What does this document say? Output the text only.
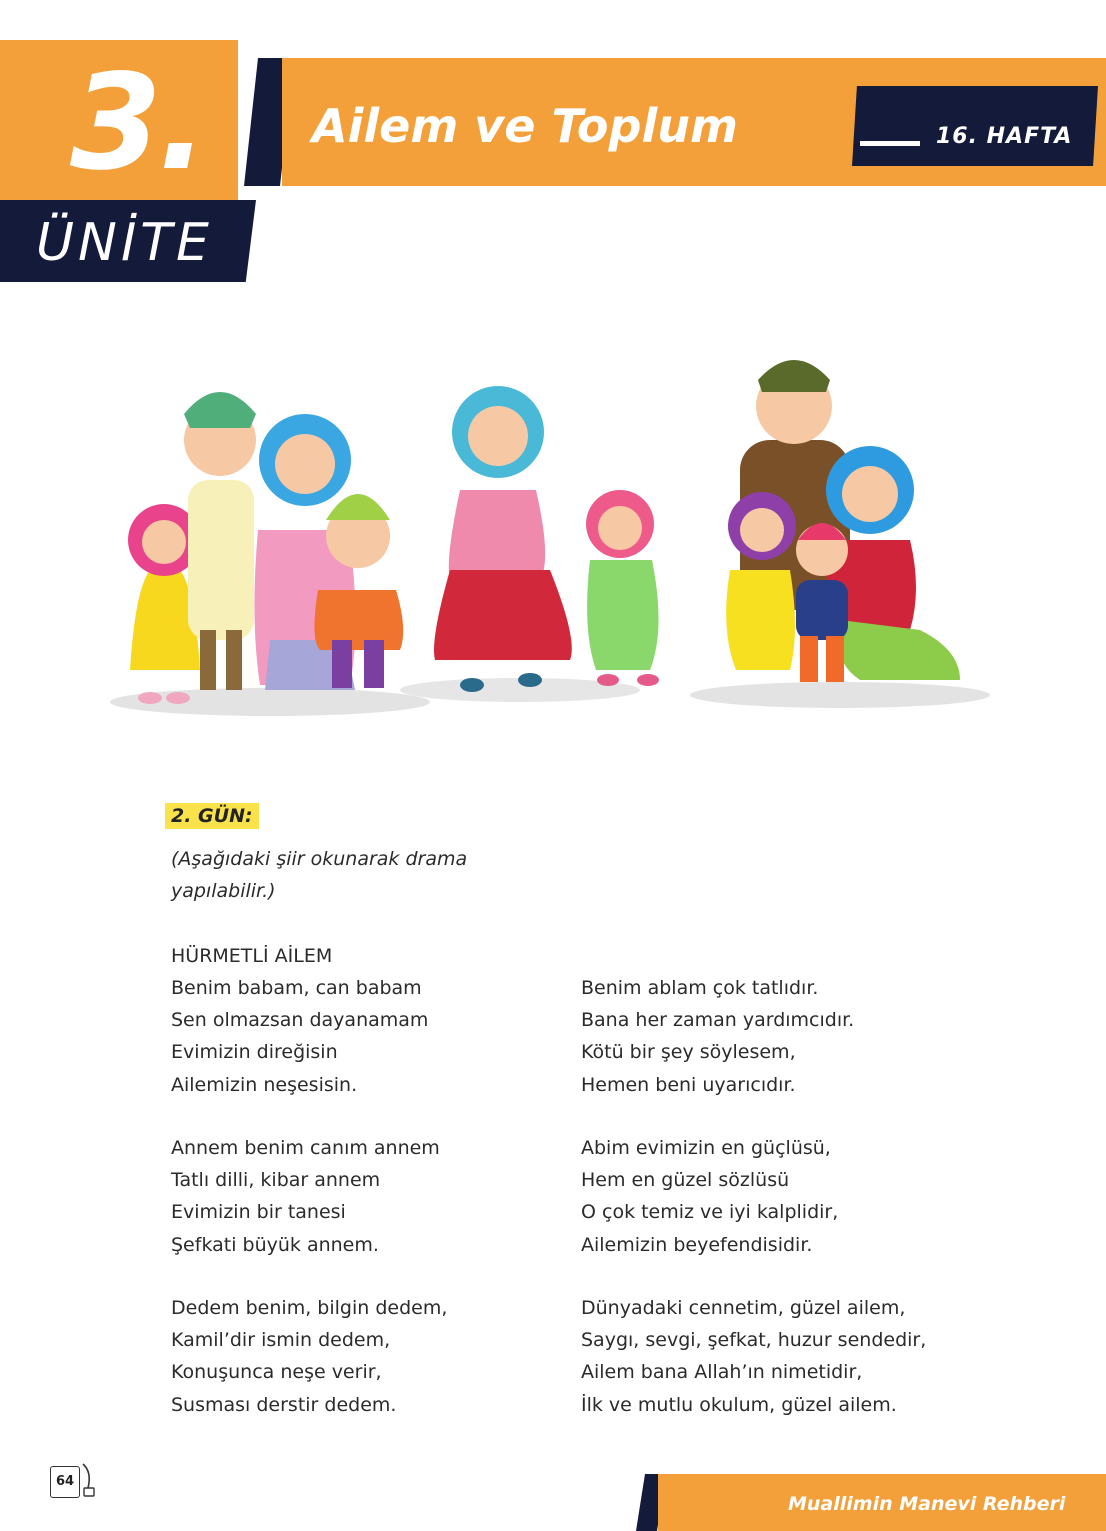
3.
ÜNİTE
Ailem ve Toplum	16. HAFTA
2. GÜN:
(Aşağıdaki şiir okunarak drama
yapılabilir.)
HÜRMETLİ AİLEM
Benim babam, can babam
Sen olmazsan dayanamam
Evimizin direğisin
Ailemizin neşesisin.
Annem benim canım annem
Tatlı dilli, kibar annem
Evimizin bir tanesi
Şefkati büyük annem.
Dedem benim, bilgin dedem,
Kamil’dir ismin dedem,
Konuşunca neşe verir,
Susması derstir dedem.
Benim ablam çok tatlıdır.
Bana her zaman yardımcıdır.
Kötü bir şey söylesem,
Hemen beni uyarıcıdır.
Abim evimizin en güçlüsü,
Hem en güzel sözlüsü
O çok temiz ve iyi kalplidir,
Ailemizin beyefendisidir.
Dünyadaki cennetim, güzel ailem,
Saygı, sevgi, şefkat, huzur sendedir,
Ailem bana Allah’ın nimetidir,
İlk ve mutlu okulum, güzel ailem.
64
Muallimin Manevi Rehberi
